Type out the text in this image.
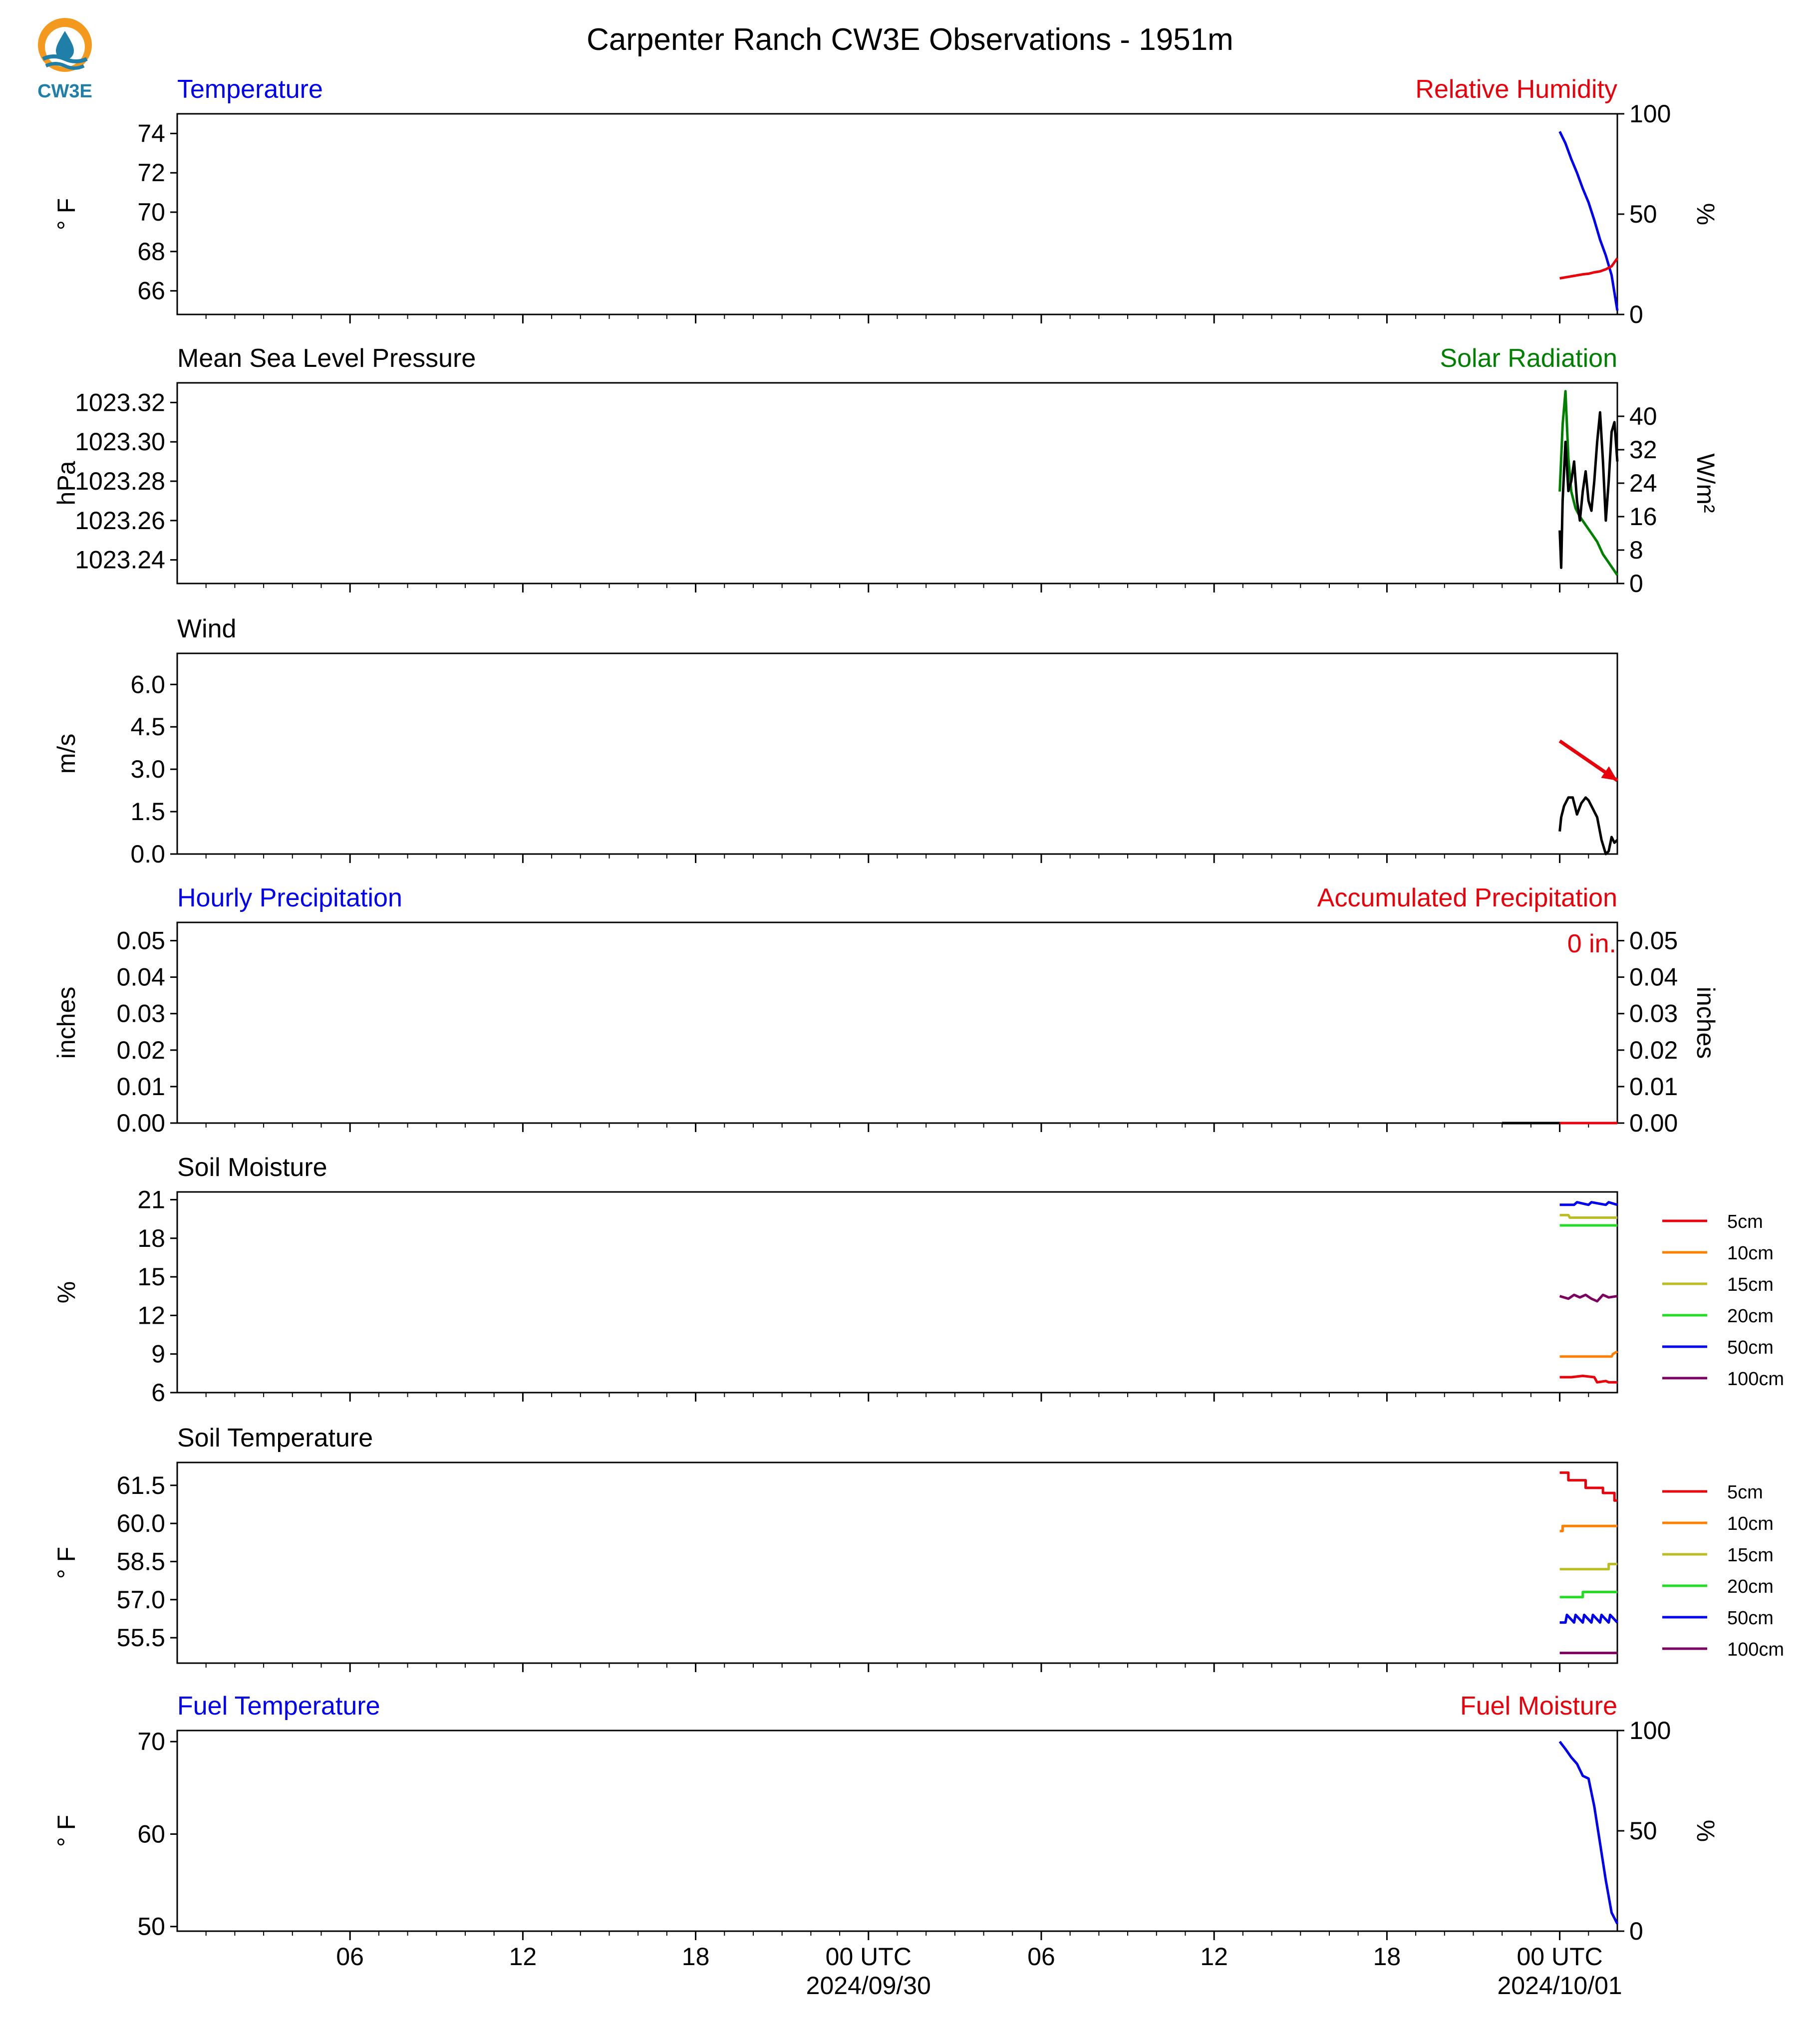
CW3E
Carpenter Ranch CW3E Observations - 1951m
Temperature	Relative Humidity
74
72
70
68
66
° F
100
50
0
%
Mean Sea Level Pressure	Solar Radiation
1023.32
1023.30
1023.28
1023.26
1023.24
hPa
40
32
24
16
8
0
W/m²
Wind
6.0
4.5
3.0
1.5
0.0
m/s
Hourly Precipitation	Accumulated Precipitation
0.05
0.04
0.03
0.02
0.01
0.00
inches
0.05
0.04
0.03
0.02
0.01
0.00
inches
0 in.
Soil Moisture
21
18
15
12
9
6
%
5cm
10cm
15cm
20cm
50cm
100cm
Soil Temperature
61.5
60.0
58.5
57.0
55.5
° F
5cm
10cm
15cm
20cm
50cm
100cm
Fuel Temperature	Fuel Moisture
70
60
50
° F
100
50
0
%
06	12	18	00 UTC	06	12	18	00 UTC
2024/09/30	2024/10/01
